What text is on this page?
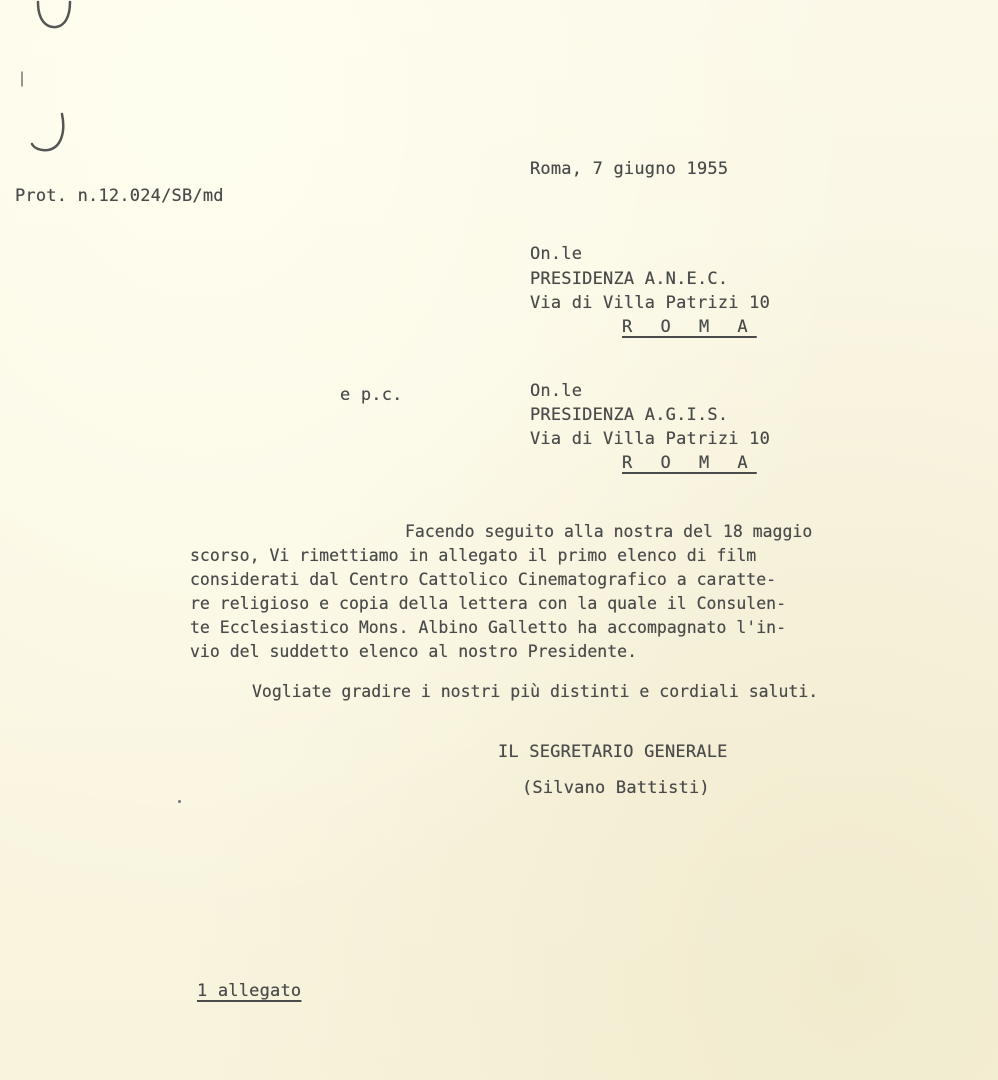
Roma, 7 giugno 1955
Prot. n.12.024/SB/md
On.le
PRESIDENZA A.N.E.C.
Via di Villa Patrizi 10
R O M A
e p.c.	On.le
PRESIDENZA A.G.I.S.
Via di Villa Patrizi 10
R O M A
Facendo seguito alla nostra del 18 maggio
scorso, Vi rimettiamo in allegato il primo elenco di film
considerati dal Centro Cattolico Cinematografico a caratte-
re religioso e copia della lettera con la quale il Consulen-
te Ecclesiastico Mons. Albino Galletto ha accompagnato l'in-
vio del suddetto elenco al nostro Presidente.
Vogliate gradire i nostri più distinti e cordiali saluti.
IL SEGRETARIO GENERALE
(Silvano Battisti)
1 allegato
